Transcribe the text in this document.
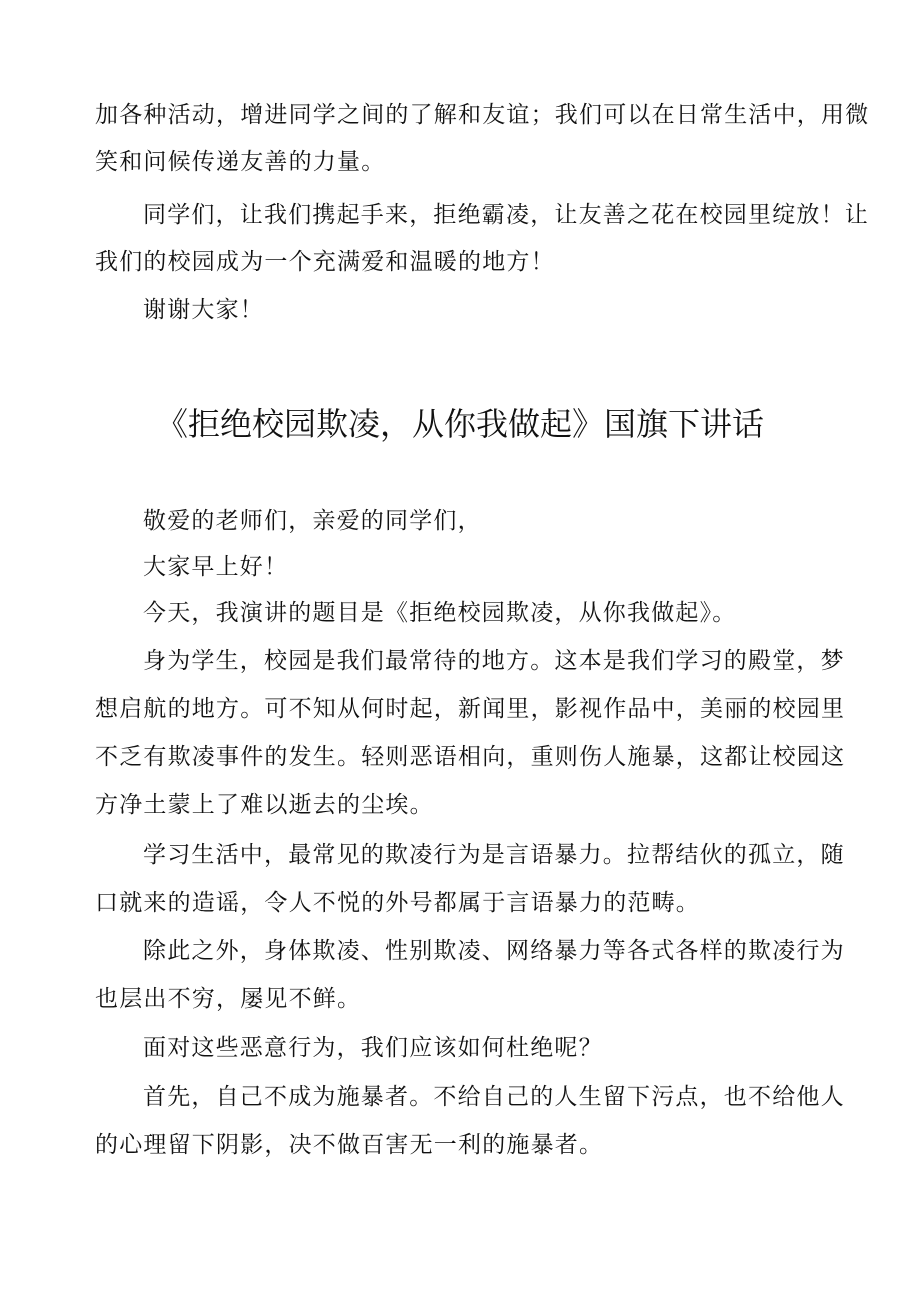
加各种活动，增进同学之间的了解和友谊；我们可以在日常生活中，用微
笑和问候传递友善的力量。
同学们，让我们携起手来，拒绝霸凌，让友善之花在校园里绽放！让
我们的校园成为一个充满爱和温暖的地方！
谢谢大家！
《拒绝校园欺凌，从你我做起》国旗下讲话
敬爱的老师们，亲爱的同学们，
大家早上好！
今天，我演讲的题目是《拒绝校园欺凌，从你我做起》。
身为学生，校园是我们最常待的地方。这本是我们学习的殿堂，梦
想启航的地方。可不知从何时起，新闻里，影视作品中，美丽的校园里
不乏有欺凌事件的发生。轻则恶语相向，重则伤人施暴，这都让校园这
方净土蒙上了难以逝去的尘埃。
学习生活中，最常见的欺凌行为是言语暴力。拉帮结伙的孤立，随
口就来的造谣，令人不悦的外号都属于言语暴力的范畴。
除此之外，身体欺凌、性别欺凌、网络暴力等各式各样的欺凌行为
也层出不穷，屡见不鲜。
面对这些恶意行为，我们应该如何杜绝呢？
首先，自己不成为施暴者。不给自己的人生留下污点，也不给他人
的心理留下阴影，决不做百害无一利的施暴者。
